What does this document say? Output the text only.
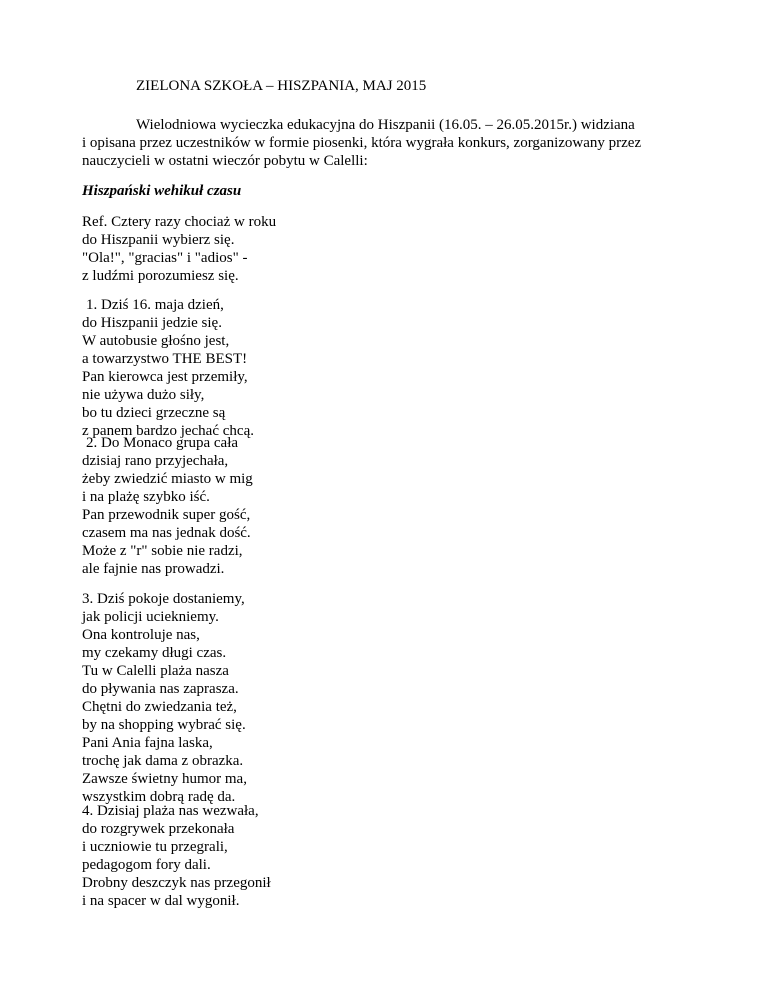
ZIELONA SZKOŁA – HISZPANIA, MAJ 2015
Wielodniowa wycieczka edukacyjna do Hiszpanii (16.05. – 26.05.2015r.) widziana
i opisana przez uczestników w formie piosenki, która wygrała konkurs, zorganizowany przez
nauczycieli w ostatni wieczór pobytu w Calelli:
Hiszpański wehikuł czasu
Ref. Cztery razy chociaż w roku
do Hiszpanii wybierz się.
"Ola!", "gracias" i "adios" -
z ludźmi porozumiesz się.
1. Dziś 16. maja dzień,
do Hiszpanii jedzie się.
W autobusie głośno jest,
a towarzystwo THE BEST!
Pan kierowca jest przemiły,
nie używa dużo siły,
bo tu dzieci grzeczne są
z panem bardzo jechać chcą.
2. Do Monaco grupa cała
dzisiaj rano przyjechała,
żeby zwiedzić miasto w mig
i na plażę szybko iść.
Pan przewodnik super gość,
czasem ma nas jednak dość.
Może z "r" sobie nie radzi,
ale fajnie nas prowadzi.
3. Dziś pokoje dostaniemy,
jak policji uciekniemy.
Ona kontroluje nas,
my czekamy długi czas.
Tu w Calelli plaża nasza
do pływania nas zaprasza.
Chętni do zwiedzania też,
by na shopping wybrać się.
Pani Ania fajna laska,
trochę jak dama z obrazka.
Zawsze świetny humor ma,
wszystkim dobrą radę da.
4. Dzisiaj plaża nas wezwała,
do rozgrywek przekonała
i uczniowie tu przegrali,
pedagogom fory dali.
Drobny deszczyk nas przegonił
i na spacer w dal wygonił.
